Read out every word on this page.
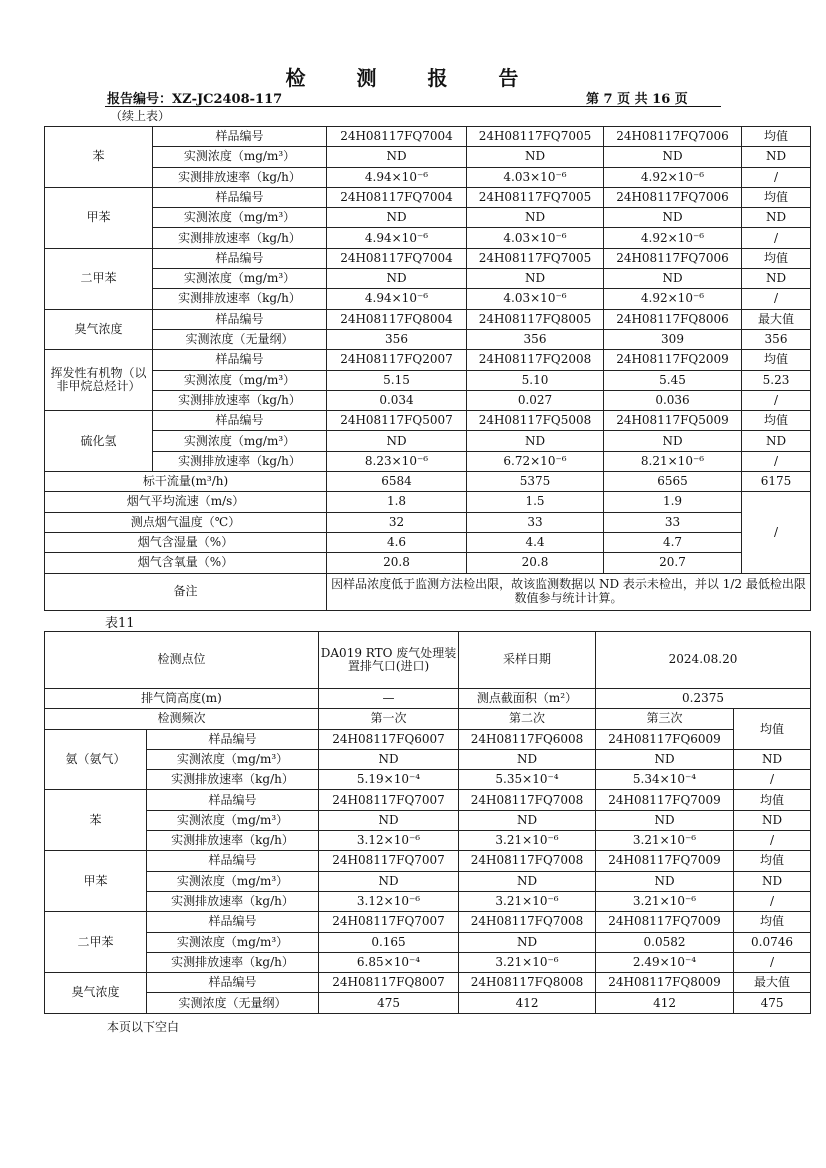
检 测 报 告
报告编号：XZ-JC2408-117	第 7 页 共 16 页
（续上表）
苯	样品编号	24H08117FQ7004	24H08117FQ7005	24H08117FQ7006	均值
	实测浓度（mg/m³）	ND	ND	ND	ND
	实测排放速率（kg/h）	4.94×10⁻⁶	4.03×10⁻⁶	4.92×10⁻⁶	/
甲苯	样品编号	24H08117FQ7004	24H08117FQ7005	24H08117FQ7006	均值
	实测浓度（mg/m³）	ND	ND	ND	ND
	实测排放速率（kg/h）	4.94×10⁻⁶	4.03×10⁻⁶	4.92×10⁻⁶	/
二甲苯	样品编号	24H08117FQ7004	24H08117FQ7005	24H08117FQ7006	均值
	实测浓度（mg/m³）	ND	ND	ND	ND
	实测排放速率（kg/h）	4.94×10⁻⁶	4.03×10⁻⁶	4.92×10⁻⁶	/
臭气浓度	样品编号	24H08117FQ8004	24H08117FQ8005	24H08117FQ8006	最大值
	实测浓度（无量纲）	356	356	309	356
挥发性有机物（以非甲烷总烃计）	样品编号	24H08117FQ2007	24H08117FQ2008	24H08117FQ2009	均值
	实测浓度（mg/m³）	5.15	5.10	5.45	5.23
	实测排放速率（kg/h）	0.034	0.027	0.036	/
硫化氢	样品编号	24H08117FQ5007	24H08117FQ5008	24H08117FQ5009	均值
	实测浓度（mg/m³）	ND	ND	ND	ND
	实测排放速率（kg/h）	8.23×10⁻⁶	6.72×10⁻⁶	8.21×10⁻⁶	/
标干流量(m³/h)		6584	5375	6565	6175
烟气平均流速（m/s）		1.8	1.5	1.9	/
测点烟气温度（℃）		32	33	33	
烟气含湿量（%）		4.6	4.4	4.7	
烟气含氧量（%）		20.8	20.8	20.7	
备注		因样品浓度低于监测方法检出限，故该监测数据以 ND 表示未检出，并以 1/2 最低检出限数值参与统计计算。			
表11
检测点位		DA019 RTO 废气处理装置排气口(进口)	采样日期	2024.08.20	
排气筒高度(m)		—	测点截面积（m²）	0.2375	
检测频次		第一次	第二次	第三次	均值
氨（氨气）	样品编号	24H08117FQ6007	24H08117FQ6008	24H08117FQ6009	
	实测浓度（mg/m³）	ND	ND	ND	ND
	实测排放速率（kg/h）	5.19×10⁻⁴	5.35×10⁻⁴	5.34×10⁻⁴	/
苯	样品编号	24H08117FQ7007	24H08117FQ7008	24H08117FQ7009	均值
	实测浓度（mg/m³）	ND	ND	ND	ND
	实测排放速率（kg/h）	3.12×10⁻⁶	3.21×10⁻⁶	3.21×10⁻⁶	/
甲苯	样品编号	24H08117FQ7007	24H08117FQ7008	24H08117FQ7009	均值
	实测浓度（mg/m³）	ND	ND	ND	ND
	实测排放速率（kg/h）	3.12×10⁻⁶	3.21×10⁻⁶	3.21×10⁻⁶	/
二甲苯	样品编号	24H08117FQ7007	24H08117FQ7008	24H08117FQ7009	均值
	实测浓度（mg/m³）	0.165	ND	0.0582	0.0746
	实测排放速率（kg/h）	6.85×10⁻⁴	3.21×10⁻⁶	2.49×10⁻⁴	/
臭气浓度	样品编号	24H08117FQ8007	24H08117FQ8008	24H08117FQ8009	最大值
	实测浓度（无量纲）	475	412	412	475
本页以下空白
